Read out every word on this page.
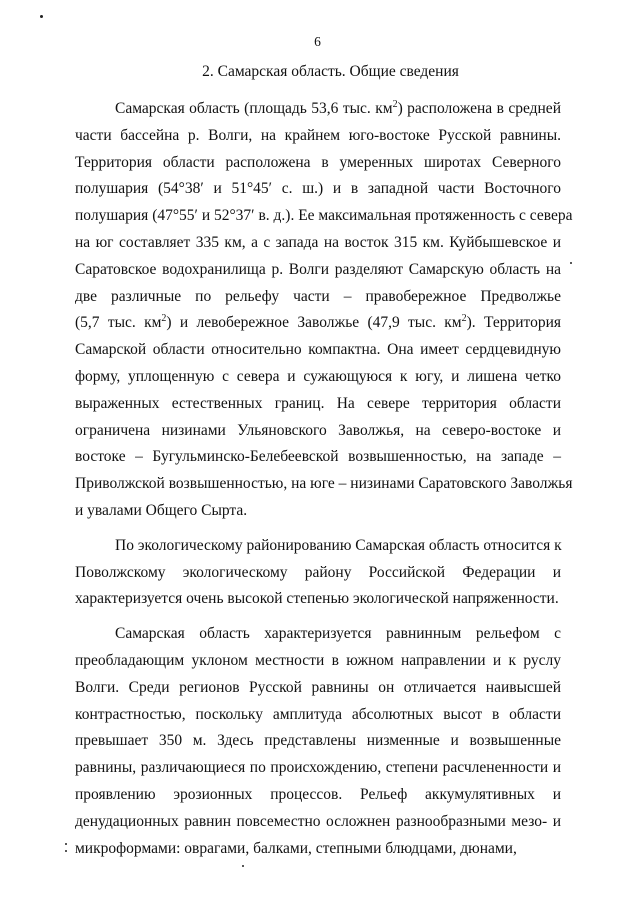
6
2. Самарская область. Общие сведения
Самарская область (площадь 53,6 тыс. $км^2$) расположена в средней
части бассейна р. Волги, на крайнем юго-востоке Русской равнины.
Территория области расположена в умеренных широтах Северного
полушария (54°38′ и 51°45′ с. ш.) и в западной части Восточного
полушария (47°55′ и 52°37′ в. д.). Ее максимальная протяженность с севера
на юг составляет 335 км, а с запада на восток 315 км. Куйбышевское и
Саратовское водохранилища р. Волги разделяют Самарскую область на
две различные по рельефу части – правобережное Предволжье
(5,7 тыс. $км^2$) и левобережное Заволжье (47,9 тыс. $км^2$). Территория
Самарской области относительно компактна. Она имеет сердцевидную
форму, уплощенную с севера и сужающуюся к югу, и лишена четко
выраженных естественных границ. На севере территория области
ограничена низинами Ульяновского Заволжья, на северо-востоке и
востоке – Бугульминско-Белебеевской возвышенностью, на западе –
Приволжской возвышенностью, на юге – низинами Саратовского Заволжья
и увалами Общего Сырта.
По экологическому районированию Самарская область относится к
Поволжскому экологическому району Российской Федерации и
характеризуется очень высокой степенью экологической напряженности.
Самарская область характеризуется равнинным рельефом с
преобладающим уклоном местности в южном направлении и к руслу
Волги. Среди регионов Русской равнины он отличается наивысшей
контрастностью, поскольку амплитуда абсолютных высот в области
превышает 350 м. Здесь представлены низменные и возвышенные
равнины, различающиеся по происхождению, степени расчлененности и
проявлению эрозионных процессов. Рельеф аккумулятивных и
денудационных равнин повсеместно осложнен разнообразными мезо- и
микроформами: оврагами, балками, степными блюдцами, дюнами,
